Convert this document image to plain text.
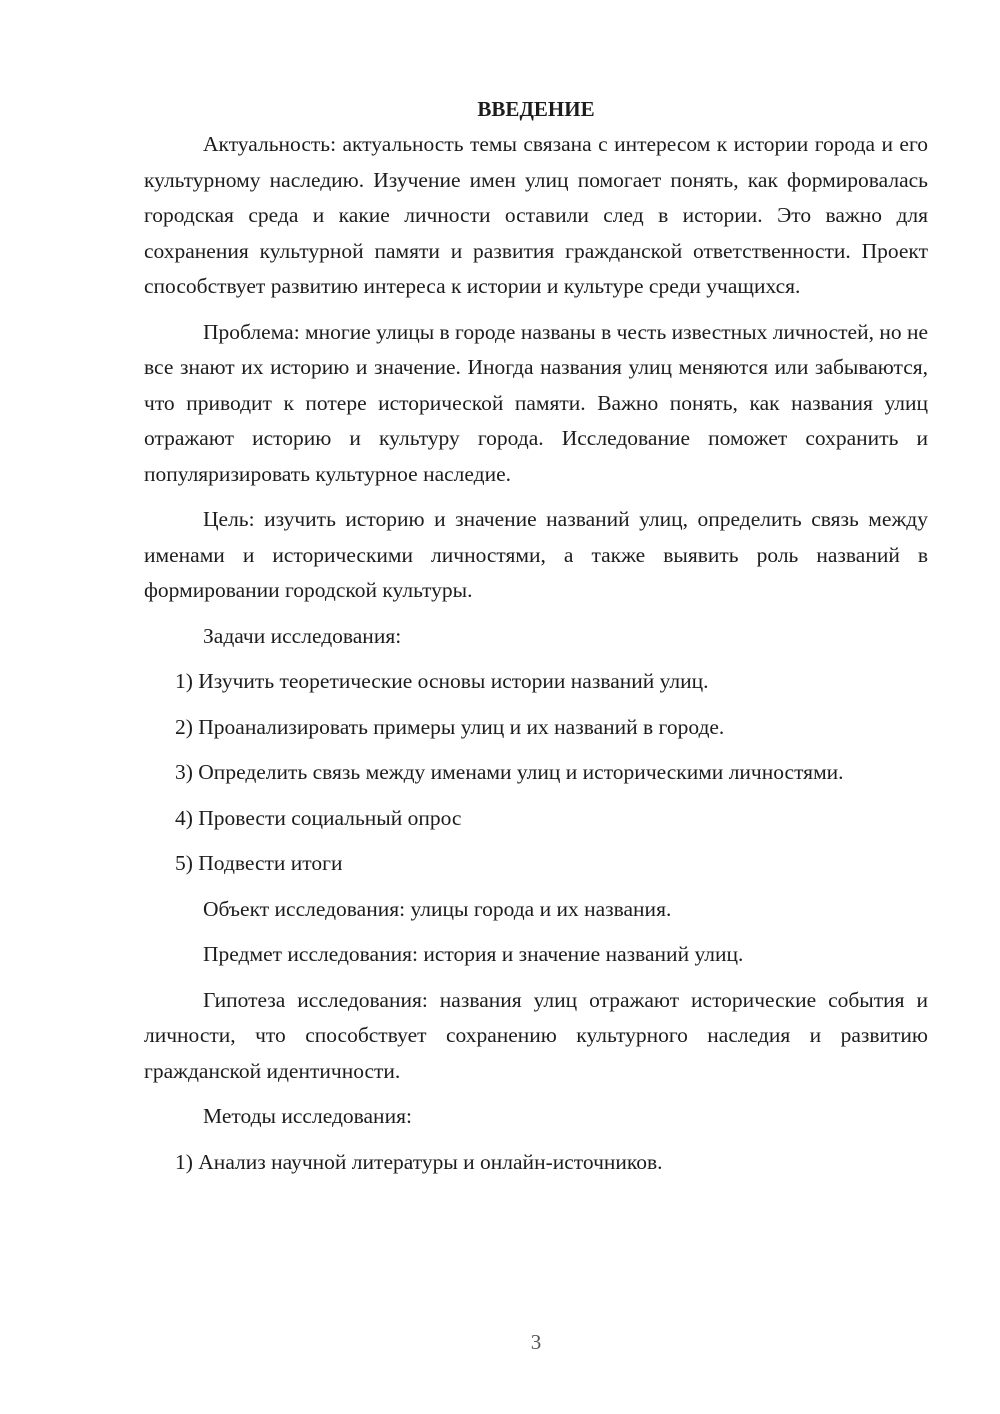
ВВЕДЕНИЕ

Актуальность: актуальность темы связана с интересом к истории города и его культурному наследию. Изучение имен улиц помогает понять, как формировалась городская среда и какие личности оставили след в истории. Это важно для сохранения культурной памяти и развития гражданской ответственности. Проект способствует развитию интереса к истории и культуре среди учащихся.

Проблема: многие улицы в городе названы в честь известных личностей, но не все знают их историю и значение. Иногда названия улиц меняются или забываются, что приводит к потере исторической памяти. Важно понять, как названия улиц отражают историю и культуру города. Исследование поможет сохранить и популяризировать культурное наследие.

Цель: изучить историю и значение названий улиц, определить связь между именами и историческими личностями, а также выявить роль названий в формировании городской культуры.

Задачи исследования:

1) Изучить теоретические основы истории названий улиц.

2) Проанализировать примеры улиц и их названий в городе.

3) Определить связь между именами улиц и историческими личностями.

4) Провести социальный опрос

5) Подвести итоги

Объект исследования: улицы города и их названия.

Предмет исследования: история и значение названий улиц.

Гипотеза исследования: названия улиц отражают исторические события и личности, что способствует сохранению культурного наследия и развитию гражданской идентичности.

Методы исследования:

1) Анализ научной литературы и онлайн-источников.

3
